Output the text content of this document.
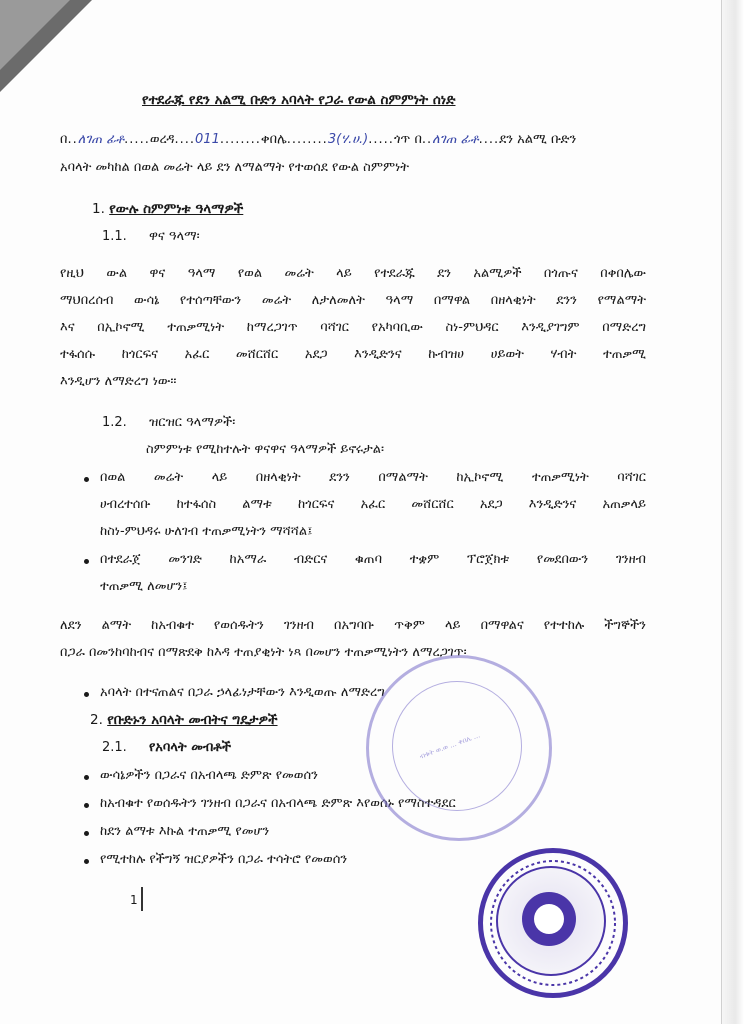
የተደራጁ የደን አልሚ ቡድን አባላት የጋራ የውል ስምምነት ሰነድ
በ..ለገጠ ፊቶ.....ወረዳ....011........ቀበሌ........3(ሃ.ሀ.).....ጎጥ በ..ለገጠ ፊቶ....ደን አልሚ ቡድን
አባላት መካከል በወል መሬት ላይ ደን ለማልማት የተወሰደ የውል ስምምነት
1. የውሉ ስምምነቱ ዓላማዎች
1.1. ዋና ዓላማ፡
የዚህ ውል ዋና ዓላማ የወል መሬት ላይ የተደራጁ ደን አልሚዎች በጎጡና በቀበሌው
ማህበረሰብ ውሳኔ የተሰጣቸውን መሬት ለታለመለት ዓላማ በማዋል በዘላቂነት ደንን የማልማት
እና በኢኮኖሚ ተጠቃሚነት ከማረጋገጥ ባሻገር የአካባቢው ስነ-ምህዳር እንዲያገግም በማድረግ
ተፋሰሱ ከጎርፍና አፈር መሸርሸር አደጋ እንዲድንና ኩብዝሀ ሀይወት ሃብት ተጠቃሚ
እንዲሆን ለማድረግ ነው፡፡
1.2. ዝርዝር ዓላማዎች፡
ስምምነቱ የሚከተሉት ዋናዋና ዓላማዎች ይኖሩታል፡
በወል መሬት ላይ በዘላቂነት ደንን በማልማት ከኢኮኖሚ ተጠቃሚነት ባሻገር
ሀብረተሰቡ ከተፋሰስ ልማቱ ከጎርፍና አፈር መሸርሸር አደጋ እንዲድንና አጠቃላይ
ከስነ-ምህዳሩ ሁለገብ ተጠቃሚነትን ማሻሻል፤
በተደራጀ መንገድ ከአማራ ብድርና ቁጠባ ተቋም ፕሮጀክቱ የመደበውን ገንዘብ
ተጠቃሚ ለመሆን፤
ለደን ልማት ከአብቁተ የወሰዱትን ገንዘብ በአግባቡ ጥቅም ላይ በማዋልና የተተከሉ ችግኞችን
በጋራ በመንከባከብና በማጽደቅ ከእዳ ተጠያቂነት ነጻ በመሆን ተጠቃሚነትን ለማረጋገጥ፡
አባላት በተናጠልና በጋራ ኃላፊነታቸውን እንዲወጡ ለማድረግ
2. የቡድኑን አባላት መብትና ግዴታዎች
2.1. የአባላት መብቶች
ውሳኔዎችን በጋራና በአብላጫ ድምጽ የመወሰን
ከአብቁተ የወሰዱትን ገንዘብ በጋራና በአብላጫ ድምጽ እየወሰኑ የማስተዳደር
ከደን ልማቱ እኩል ተጠቃሚ የመሆን
የሚተከሉ የችግኝ ዝርያዎችን በጋራ ተሳትሮ የመወሰን
1
ብቁት ወ.ወ ... ቀበሌ ...
